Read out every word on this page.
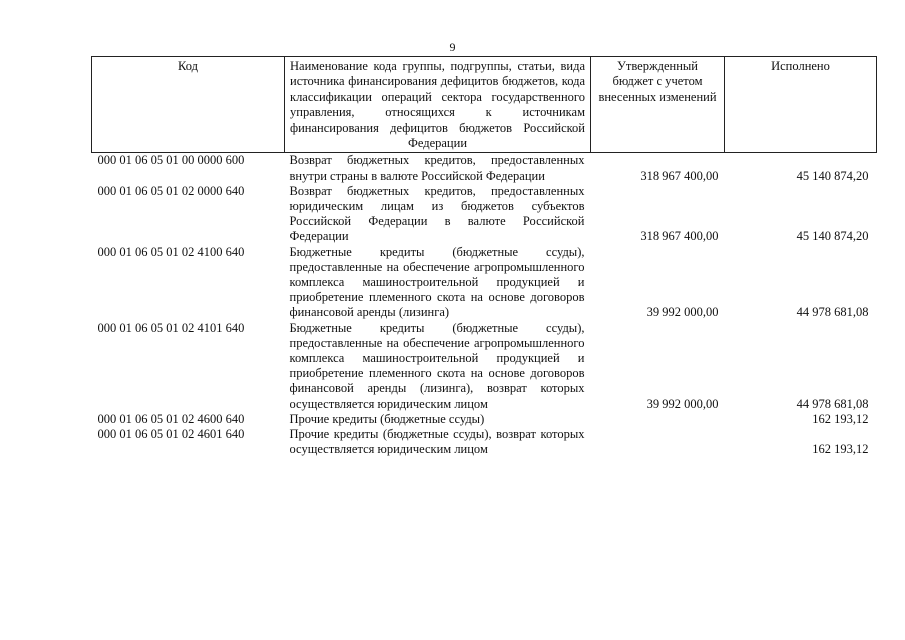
9
Код	Наименование кода группы, подгруппы, статьи, вида источника финансирования дефицитов бюджетов, кода классификации операций сектора государственного управления, относящихся к источникам финансирования дефицитов бюджетов Российской Федерации	Утвержденный бюджет с учетом внесенных изменений	Исполнено
000 01 06 05 01 00 0000 600	Возврат бюджетных кредитов, предоставленных внутри страны в валюте Российской Федерации	318 967 400,00	45 140 874,20
000 01 06 05 01 02 0000 640	Возврат бюджетных кредитов, предоставленных юридическим лицам из бюджетов субъектов Российской Федерации в валюте Российской Федерации	318 967 400,00	45 140 874,20
000 01 06 05 01 02 4100 640	Бюджетные кредиты (бюджетные ссуды), предоставленные на обеспечение агропромышленного комплекса машиностроительной продукцией и приобретение племенного скота на основе договоров финансовой аренды (лизинга)	39 992 000,00	44 978 681,08
000 01 06 05 01 02 4101 640	Бюджетные кредиты (бюджетные ссуды), предоставленные на обеспечение агропромышленного комплекса машиностроительной продукцией и приобретение племенного скота на основе договоров финансовой аренды (лизинга), возврат которых осуществляется юридическим лицом	39 992 000,00	44 978 681,08
000 01 06 05 01 02 4600 640	Прочие кредиты (бюджетные ссуды)		162 193,12
000 01 06 05 01 02 4601 640	Прочие кредиты (бюджетные ссуды), возврат которых осуществляется юридическим лицом		162 193,12
